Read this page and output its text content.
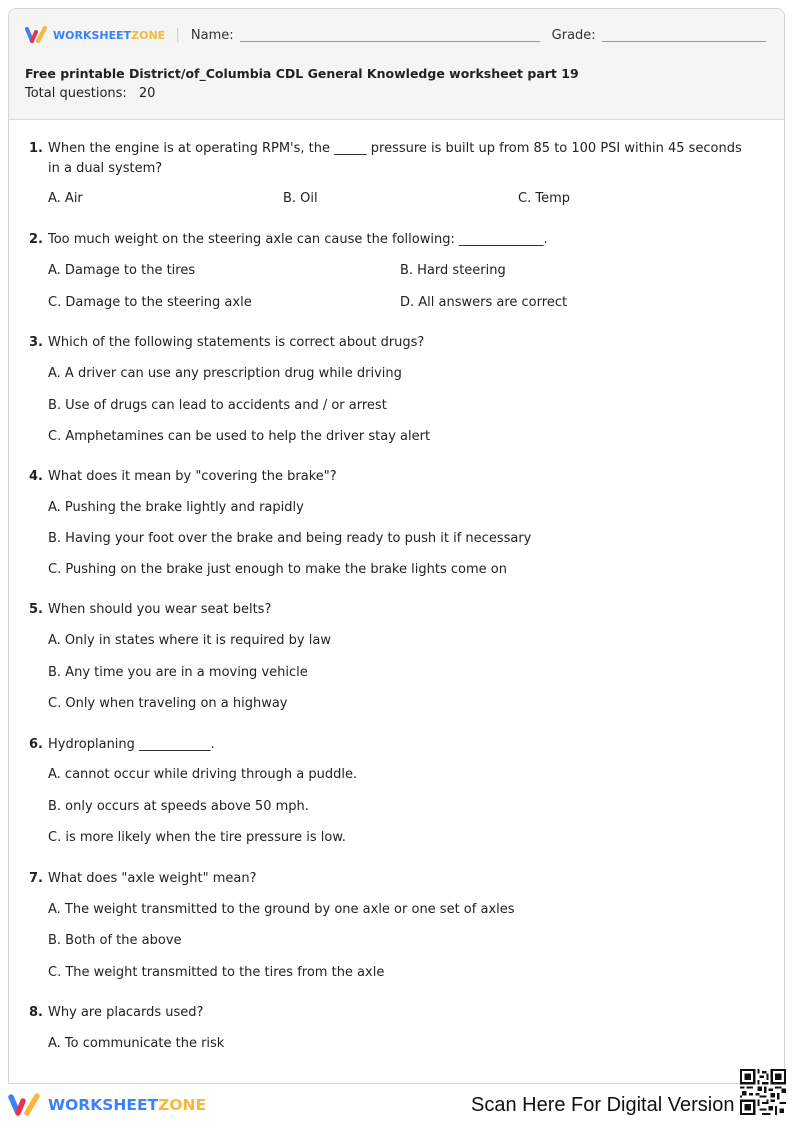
WORKSHEETZONE | Name:	Grade:
Free printable District/of_Columbia CDL General Knowledge worksheet part 19
Total questions: 20
1. When the engine is at operating RPM's, the _____ pressure is built up from 85 to 100 PSI within 45 seconds in a dual system?
A. Air	B. Oil	C. Temp
2. Too much weight on the steering axle can cause the following: _____________.
A. Damage to the tires	B. Hard steering
C. Damage to the steering axle	D. All answers are correct
3. Which of the following statements is correct about drugs?
A. A driver can use any prescription drug while driving
B. Use of drugs can lead to accidents and / or arrest
C. Amphetamines can be used to help the driver stay alert
4. What does it mean by "covering the brake"?
A. Pushing the brake lightly and rapidly
B. Having your foot over the brake and being ready to push it if necessary
C. Pushing on the brake just enough to make the brake lights come on
5. When should you wear seat belts?
A. Only in states where it is required by law
B. Any time you are in a moving vehicle
C. Only when traveling on a highway
6. Hydroplaning ___________.
A. cannot occur while driving through a puddle.
B. only occurs at speeds above 50 mph.
C. is more likely when the tire pressure is low.
7. What does "axle weight" mean?
A. The weight transmitted to the ground by one axle or one set of axles
B. Both of the above
C. The weight transmitted to the tires from the axle
8. Why are placards used?
A. To communicate the risk
WORKSHEETZONE	Scan Here For Digital Version
